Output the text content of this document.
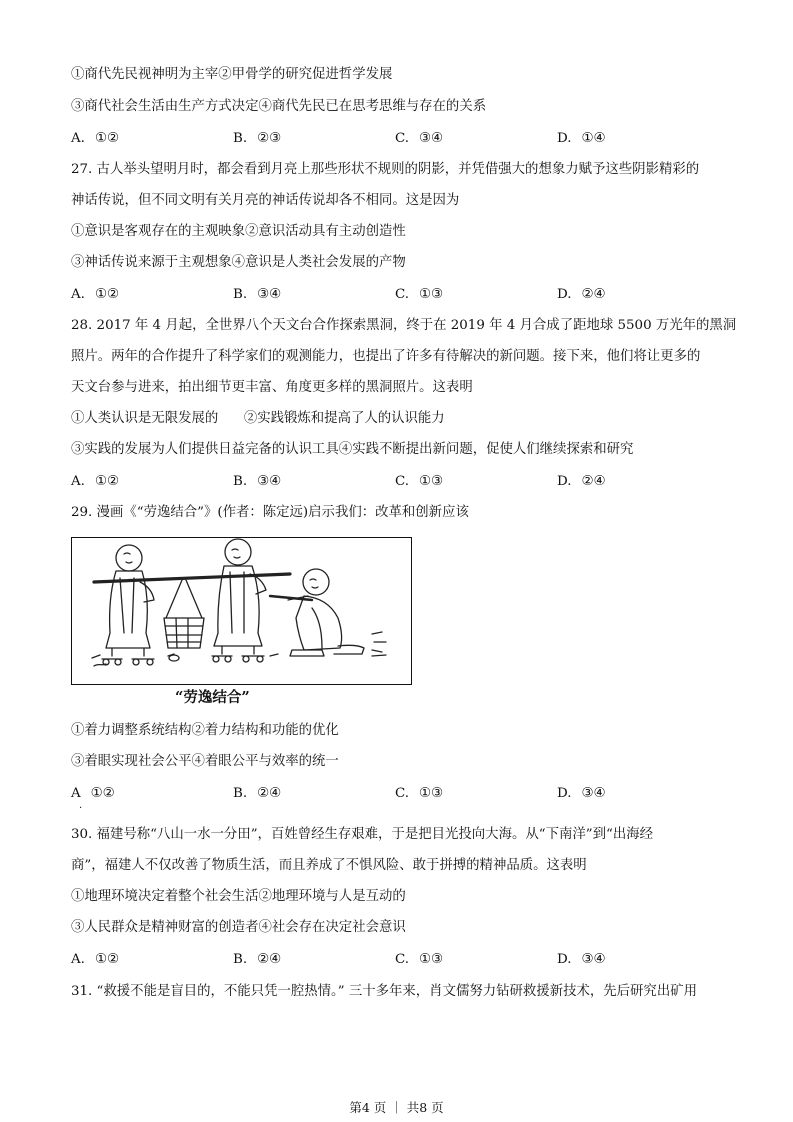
①商代先民视神明为主宰②甲骨学的研究促进哲学发展
③商代社会生活由生产方式决定④商代先民已在思考思维与存在的关系
A. ①②	B. ②③	C. ③④	D. ①④
27. 古人举头望明月时，都会看到月亮上那些形状不规则的阴影，并凭借强大的想象力赋予这些阴影精彩的
神话传说，但不同文明有关月亮的神话传说却各不相同。这是因为
①意识是客观存在的主观映象②意识活动具有主动创造性
③神话传说来源于主观想象④意识是人类社会发展的产物
A. ①②	B. ③④	C. ①③	D. ②④
28. 2017 年 4 月起，全世界八个天文台合作探索黑洞，终于在 2019 年 4 月合成了距地球 5500 万光年的黑洞
照片。两年的合作提升了科学家们的观测能力，也提出了许多有待解决的新问题。接下来，他们将让更多的
天文台参与进来，拍出细节更丰富、角度更多样的黑洞照片。这表明
①人类认识是无限发展的      ②实践锻炼和提高了人的认识能力
③实践的发展为人们提供日益完备的认识工具④实践不断提出新问题，促使人们继续探索和研究
A. ①②	B. ③④	C. ①③	D. ②④
29. 漫画《“劳逸结合”》(作者：陈定远)启示我们：改革和创新应该
“劳逸结合”
①着力调整系统结构②着力结构和功能的优化
③着眼实现社会公平④着眼公平与效率的统一
A ①②	B. ②④	C. ①③	D. ③④
·
30. 福建号称“八山一水一分田”，百姓曾经生存艰难，于是把目光投向大海。从“下南洋”到“出海经
商”，福建人不仅改善了物质生活，而且养成了不惧风险、敢于拼搏的精神品质。这表明
①地理环境决定着整个社会生活②地理环境与人是互动的
③人民群众是精神财富的创造者④社会存在决定社会意识
A. ①②	B. ②④	C. ①③	D. ③④
31. “救援不能是盲目的，不能只凭一腔热情。” 三十多年来，肖文儒努力钻研救援新技术，先后研究出矿用
第4 页 ｜ 共8 页
